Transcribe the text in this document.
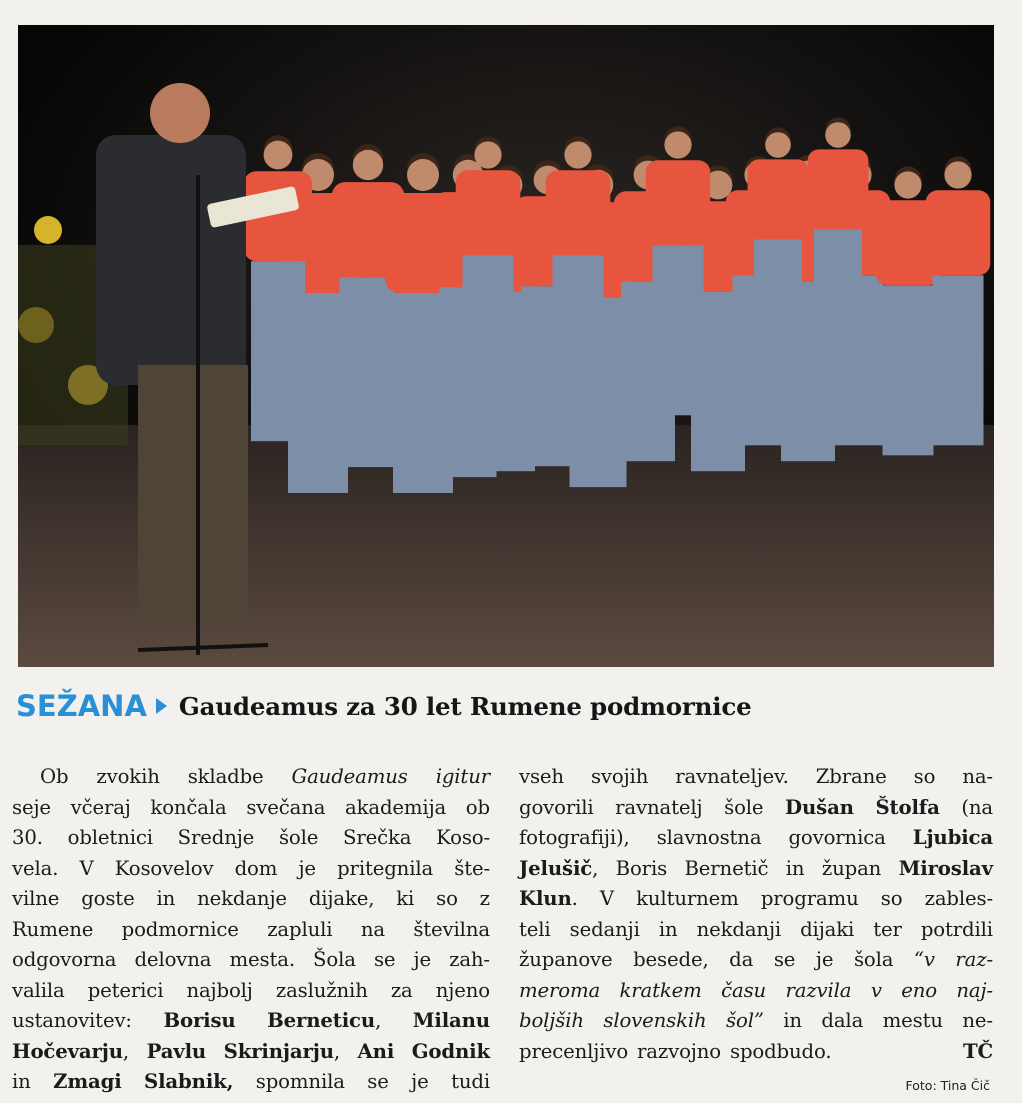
SEŽANA Gaudeamus za 30 let Rumene podmornice
Ob zvokih skladbe Gaudeamus igitur
seje včeraj končala svečana akademija ob
30. obletnici Srednje šole Srečka Koso-
vela. V Kosovelov dom je pritegnila šte-
vilne goste in nekdanje dijake, ki so z
Rumene podmornice zapluli na številna
odgovorna delovna mesta. Šola se je zah-
valila peterici najbolj zaslužnih za njeno
ustanovitev: Borisu Berneticu, Milanu
Hočevarju, Pavlu Skrinjarju, Ani Godnik
in Zmagi Slabnik, spomnila se je tudi
vseh svojih ravnateljev. Zbrane so na-
govorili ravnatelj šole Dušan Štolfa (na
fotografiji), slavnostna govornica Ljubica
Jelušič, Boris Bernetič in župan Miroslav
Klun. V kulturnem programu so zables-
teli sedanji in nekdanji dijaki ter potrdili
županove besede, da se je šola “v raz-
meroma kratkem času razvila v eno naj-
boljših slovenskih šol” in dala mestu ne-
precenljivo razvojno spodbudo.	TČ
Foto: Tina Čič
